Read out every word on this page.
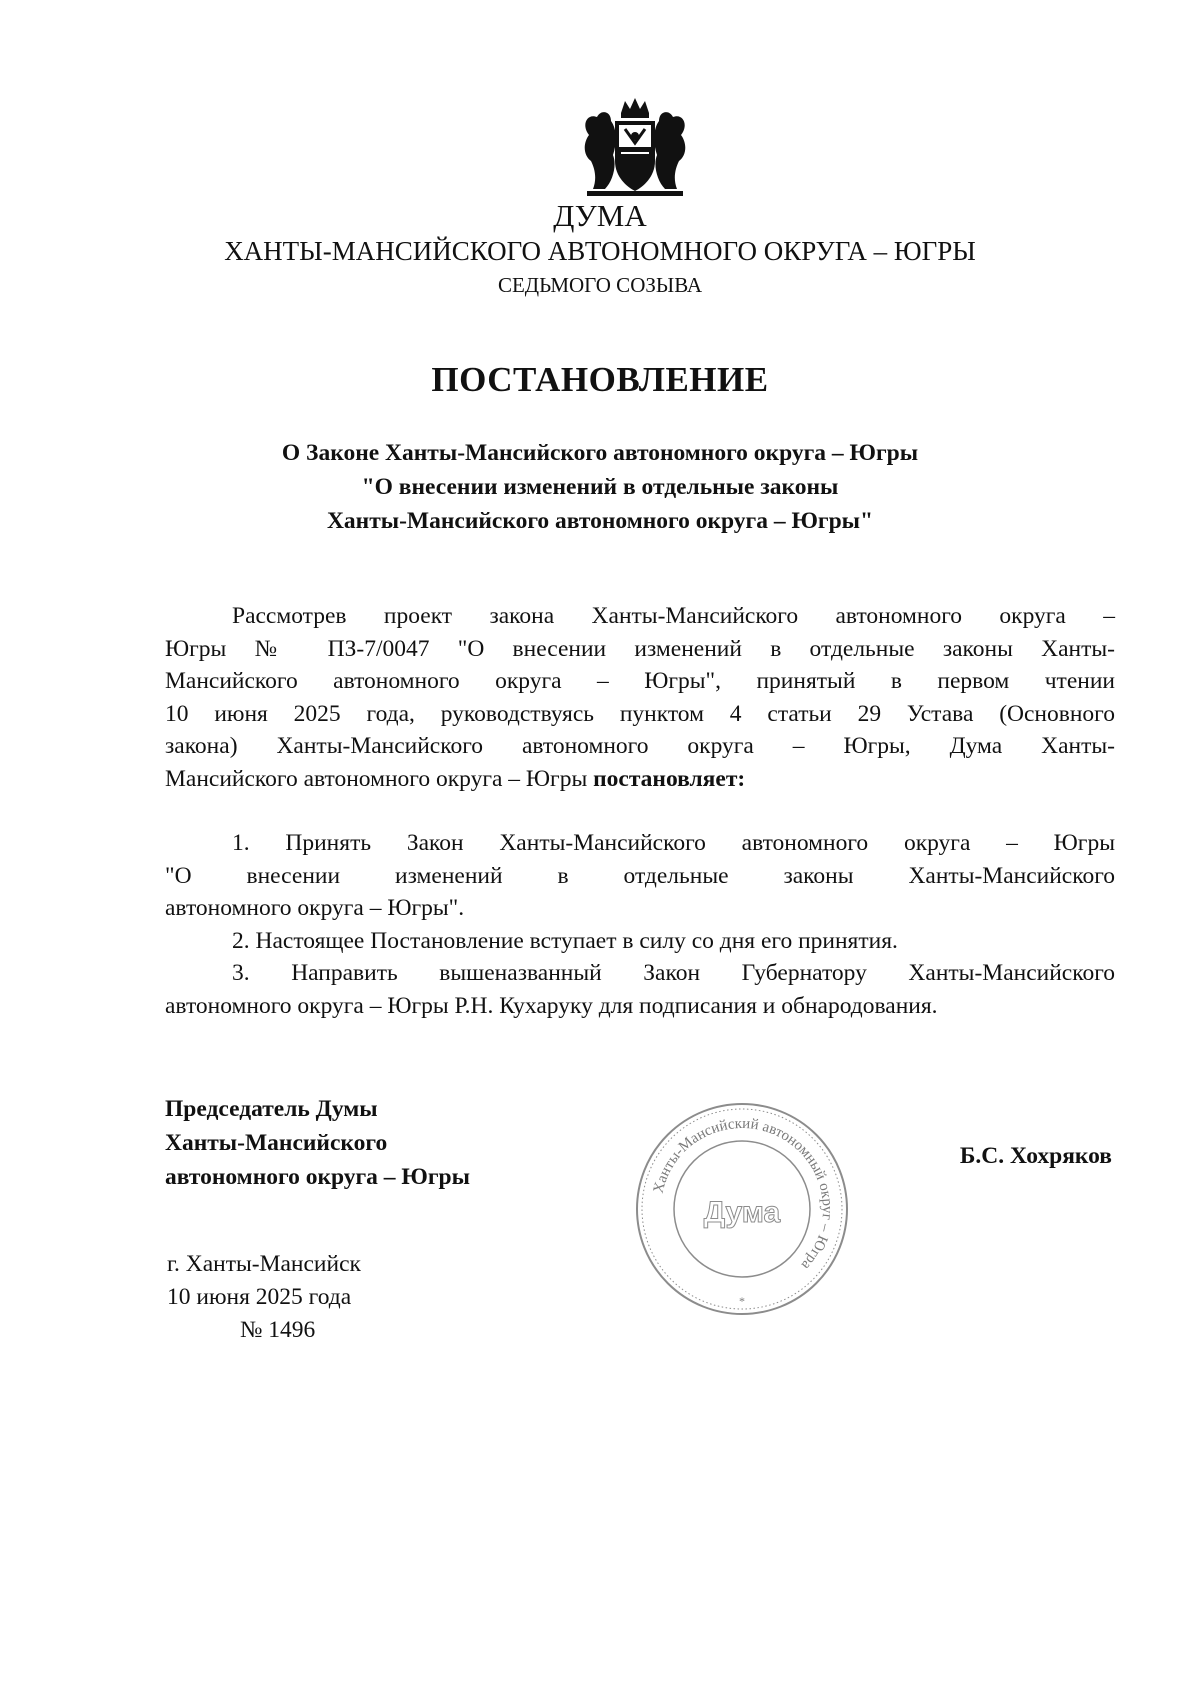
ДУМА
ХАНТЫ-МАНСИЙСКОГО АВТОНОМНОГО ОКРУГА – ЮГРЫ
СЕДЬМОГО СОЗЫВА
ПОСТАНОВЛЕНИЕ
О Законе Ханты-Мансийского автономного округа – Югры
"О внесении изменений в отдельные законы
Ханты-Мансийского автономного округа – Югры"
Рассмотрев проект закона Ханты-Мансийского автономного округа –
Югры № ПЗ-7/0047 "О внесении изменений в отдельные законы Ханты-
Мансийского автономного округа – Югры", принятый в первом чтении
10 июня 2025 года, руководствуясь пунктом 4 статьи 29 Устава (Основного
закона) Ханты-Мансийского автономного округа – Югры, Дума Ханты-
Мансийского автономного округа – Югры постановляет:
1. Принять Закон Ханты-Мансийского автономного округа – Югры
"О внесении изменений в отдельные законы Ханты-Мансийского
автономного округа – Югры".
2. Настоящее Постановление вступает в силу со дня его принятия.
3. Направить вышеназванный Закон Губернатору Ханты-Мансийского
автономного округа – Югры Р.Н. Кухаруку для подписания и обнародования.
Председатель Думы
Ханты-Мансийского
автономного округа – Югры	Ханты-Мансийский автономный округ – Югра
Дума
*
Б.С. Хохряков
г. Ханты-Мансийск
10 июня 2025 года
№ 1496
